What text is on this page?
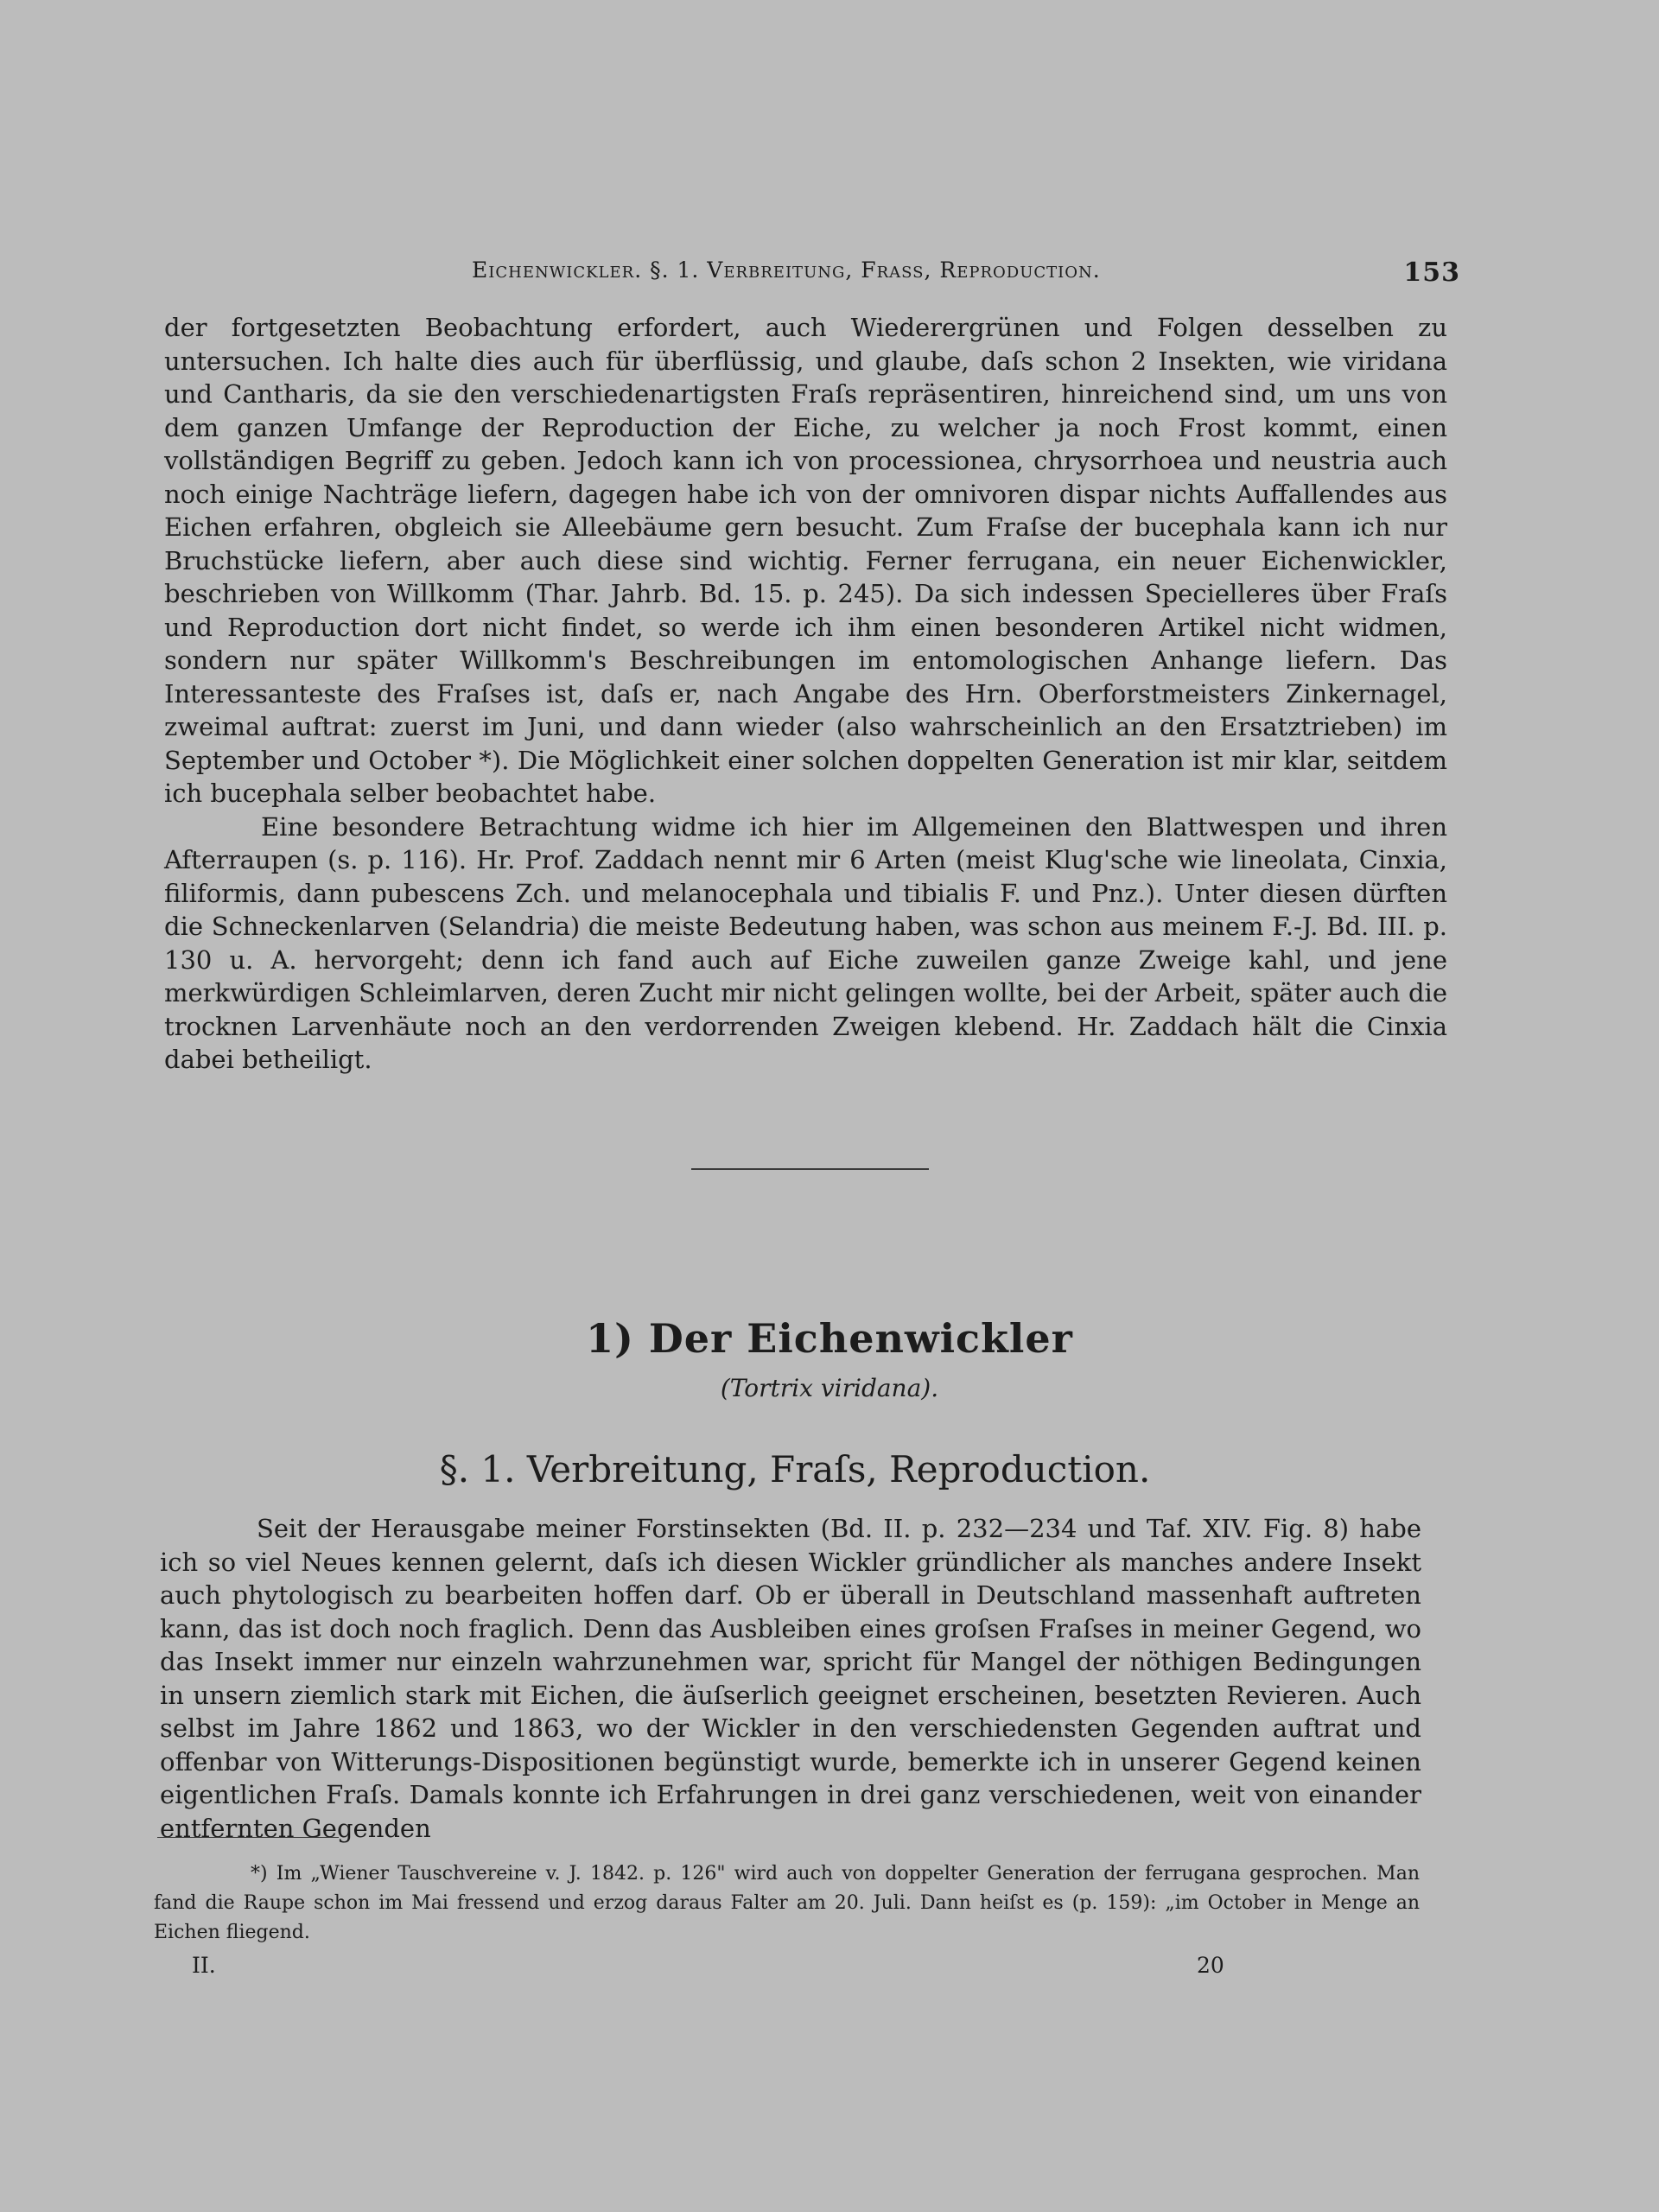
Eichenwickler. §. 1. Verbreitung, Frass, Reproduction.	153

der fortgesetzten Beobachtung erfordert, auch Wiederergrünen und Folgen desselben zu untersuchen. Ich halte dies auch für überflüssig, und glaube, daſs schon 2 Insekten, wie viridana und Cantharis, da sie den verschiedenartigsten Fraſs repräsentiren, hinreichend sind, um uns von dem ganzen Umfange der Reproduction der Eiche, zu welcher ja noch Frost kommt, einen vollständigen Begriff zu geben. Jedoch kann ich von processionea, chrysorrhoea und neustria auch noch einige Nachträge liefern, dagegen habe ich von der omnivoren dispar nichts Auffallendes aus Eichen erfahren, obgleich sie Alleebäume gern besucht. Zum Fraſse der bucephala kann ich nur Bruchstücke liefern, aber auch diese sind wichtig. Ferner ferrugana, ein neuer Eichenwickler, beschrieben von Willkomm (Thar. Jahrb. Bd. 15. p. 245). Da sich indessen Specielleres über Fraſs und Reproduction dort nicht findet, so werde ich ihm einen besonderen Artikel nicht widmen, sondern nur später Willkomm's Beschreibungen im entomologischen Anhange liefern. Das Interessanteste des Fraſses ist, daſs er, nach Angabe des Hrn. Oberforstmeisters Zinkernagel, zweimal auftrat: zuerst im Juni, und dann wieder (also wahrscheinlich an den Ersatztrieben) im September und October *). Die Möglichkeit einer solchen doppelten Generation ist mir klar, seitdem ich bucephala selber beobachtet habe.

Eine besondere Betrachtung widme ich hier im Allgemeinen den Blattwespen und ihren Afterraupen (s. p. 116). Hr. Prof. Zaddach nennt mir 6 Arten (meist Klug'sche wie lineolata, Cinxia, filiformis, dann pubescens Zch. und melanocephala und tibialis F. und Pnz.). Unter diesen dürften die Schneckenlarven (Selandria) die meiste Bedeutung haben, was schon aus meinem F.-J. Bd. III. p. 130 u. A. hervorgeht; denn ich fand auch auf Eiche zuweilen ganze Zweige kahl, und jene merkwürdigen Schleimlarven, deren Zucht mir nicht gelingen wollte, bei der Arbeit, später auch die trocknen Larvenhäute noch an den verdorrenden Zweigen klebend. Hr. Zaddach hält die Cinxia dabei betheiligt.

1) Der Eichenwickler
(Tortrix viridana).
§. 1. Verbreitung, Fraſs, Reproduction.

Seit der Herausgabe meiner Forstinsekten (Bd. II. p. 232—234 und Taf. XIV. Fig. 8) habe ich so viel Neues kennen gelernt, daſs ich diesen Wickler gründlicher als manches andere Insekt auch phytologisch zu bearbeiten hoffen darf. Ob er überall in Deutschland massenhaft auftreten kann, das ist doch noch fraglich. Denn das Ausbleiben eines groſsen Fraſses in meiner Gegend, wo das Insekt immer nur einzeln wahrzunehmen war, spricht für Mangel der nöthigen Bedingungen in unsern ziemlich stark mit Eichen, die äuſserlich geeignet erscheinen, besetzten Revieren. Auch selbst im Jahre 1862 und 1863, wo der Wickler in den verschiedensten Gegenden auftrat und offenbar von Witterungs-Dispositionen begünstigt wurde, bemerkte ich in unserer Gegend keinen eigentlichen Fraſs. Damals konnte ich Erfahrungen in drei ganz verschiedenen, weit von einander entfernten Gegenden

*) Im „Wiener Tauschvereine v. J. 1842. p. 126" wird auch von doppelter Generation der ferrugana gesprochen. Man fand die Raupe schon im Mai fressend und erzog daraus Falter am 20. Juli. Dann heiſst es (p. 159): „im October in Menge an Eichen fliegend.

II.	20
